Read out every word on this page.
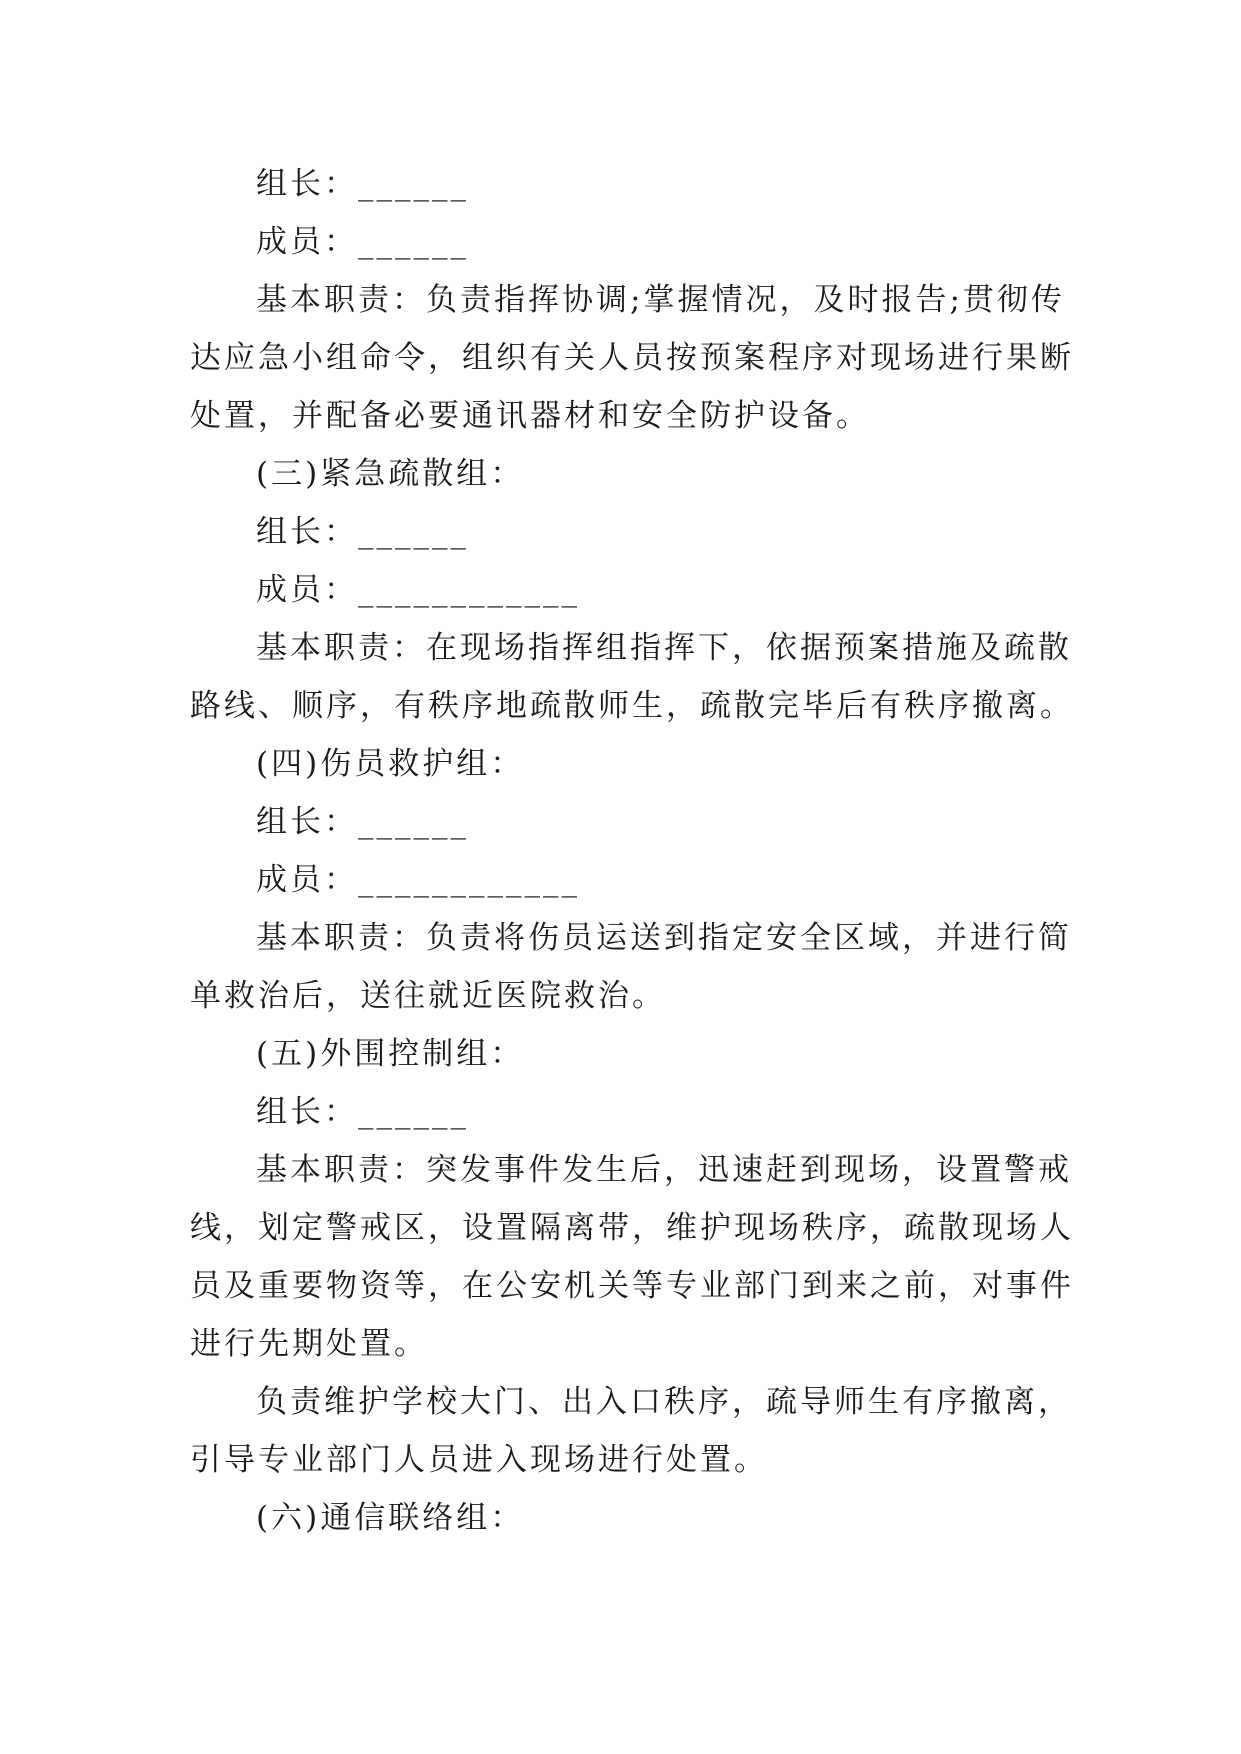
组长：______
成员：______
基本职责：负责指挥协调;掌握情况，及时报告;贯彻传
达应急小组命令，组织有关人员按预案程序对现场进行果断
处置，并配备必要通讯器材和安全防护设备。
(三)紧急疏散组：
组长：______
成员：____________
基本职责：在现场指挥组指挥下，依据预案措施及疏散
路线、顺序，有秩序地疏散师生，疏散完毕后有秩序撤离。
(四)伤员救护组：
组长：______
成员：____________
基本职责：负责将伤员运送到指定安全区域，并进行简
单救治后，送往就近医院救治。
(五)外围控制组：
组长：______
基本职责：突发事件发生后，迅速赶到现场，设置警戒
线，划定警戒区，设置隔离带，维护现场秩序，疏散现场人
员及重要物资等，在公安机关等专业部门到来之前，对事件
进行先期处置。
负责维护学校大门、出入口秩序，疏导师生有序撤离，
引导专业部门人员进入现场进行处置。
(六)通信联络组：
